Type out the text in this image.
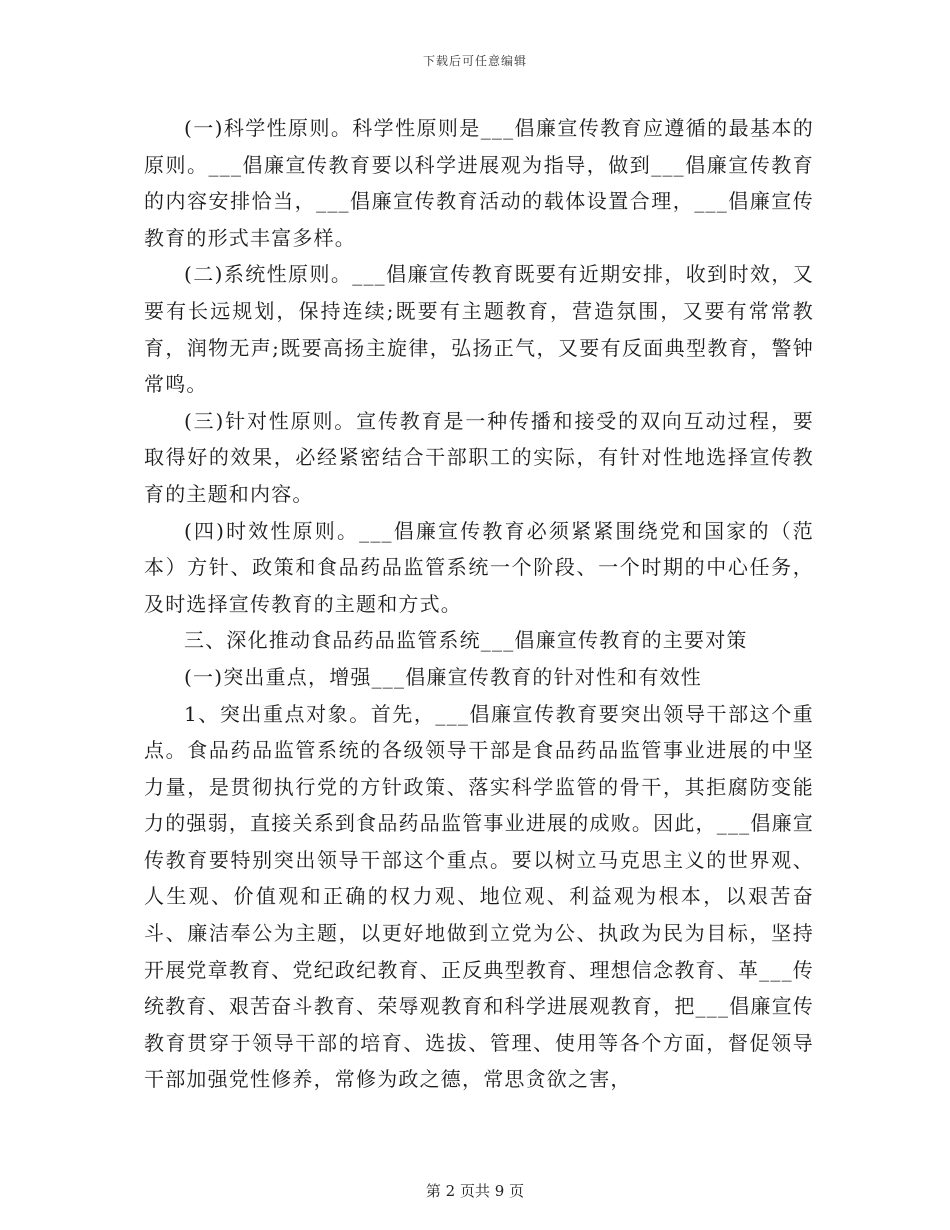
下载后可任意编辑

(一)科学性原则。科学性原则是___倡廉宣传教育应遵循的最基本的原则。___倡廉宣传教育要以科学进展观为指导，做到___倡廉宣传教育的内容安排恰当，___倡廉宣传教育活动的载体设置合理，___倡廉宣传教育的形式丰富多样。

(二)系统性原则。___倡廉宣传教育既要有近期安排，收到时效，又要有长远规划，保持连续;既要有主题教育，营造氛围，又要有常常教育，润物无声;既要高扬主旋律，弘扬正气，又要有反面典型教育，警钟常鸣。

(三)针对性原则。宣传教育是一种传播和接受的双向互动过程，要取得好的效果，必经紧密结合干部职工的实际，有针对性地选择宣传教育的主题和内容。

(四)时效性原则。___倡廉宣传教育必须紧紧围绕党和国家的（范本）方针、政策和食品药品监管系统一个阶段、一个时期的中心任务，及时选择宣传教育的主题和方式。

三、深化推动食品药品监管系统___倡廉宣传教育的主要对策

(一)突出重点，增强___倡廉宣传教育的针对性和有效性

1、突出重点对象。首先，___倡廉宣传教育要突出领导干部这个重点。食品药品监管系统的各级领导干部是食品药品监管事业进展的中坚力量，是贯彻执行党的方针政策、落实科学监管的骨干，其拒腐防变能力的强弱，直接关系到食品药品监管事业进展的成败。因此，___倡廉宣传教育要特别突出领导干部这个重点。要以树立马克思主义的世界观、人生观、价值观和正确的权力观、地位观、利益观为根本，以艰苦奋斗、廉洁奉公为主题，以更好地做到立党为公、执政为民为目标，坚持开展党章教育、党纪政纪教育、正反典型教育、理想信念教育、革___传统教育、艰苦奋斗教育、荣辱观教育和科学进展观教育，把___倡廉宣传教育贯穿于领导干部的培育、选拔、管理、使用等各个方面，督促领导干部加强党性修养，常修为政之德，常思贪欲之害，

第 2 页共 9 页
